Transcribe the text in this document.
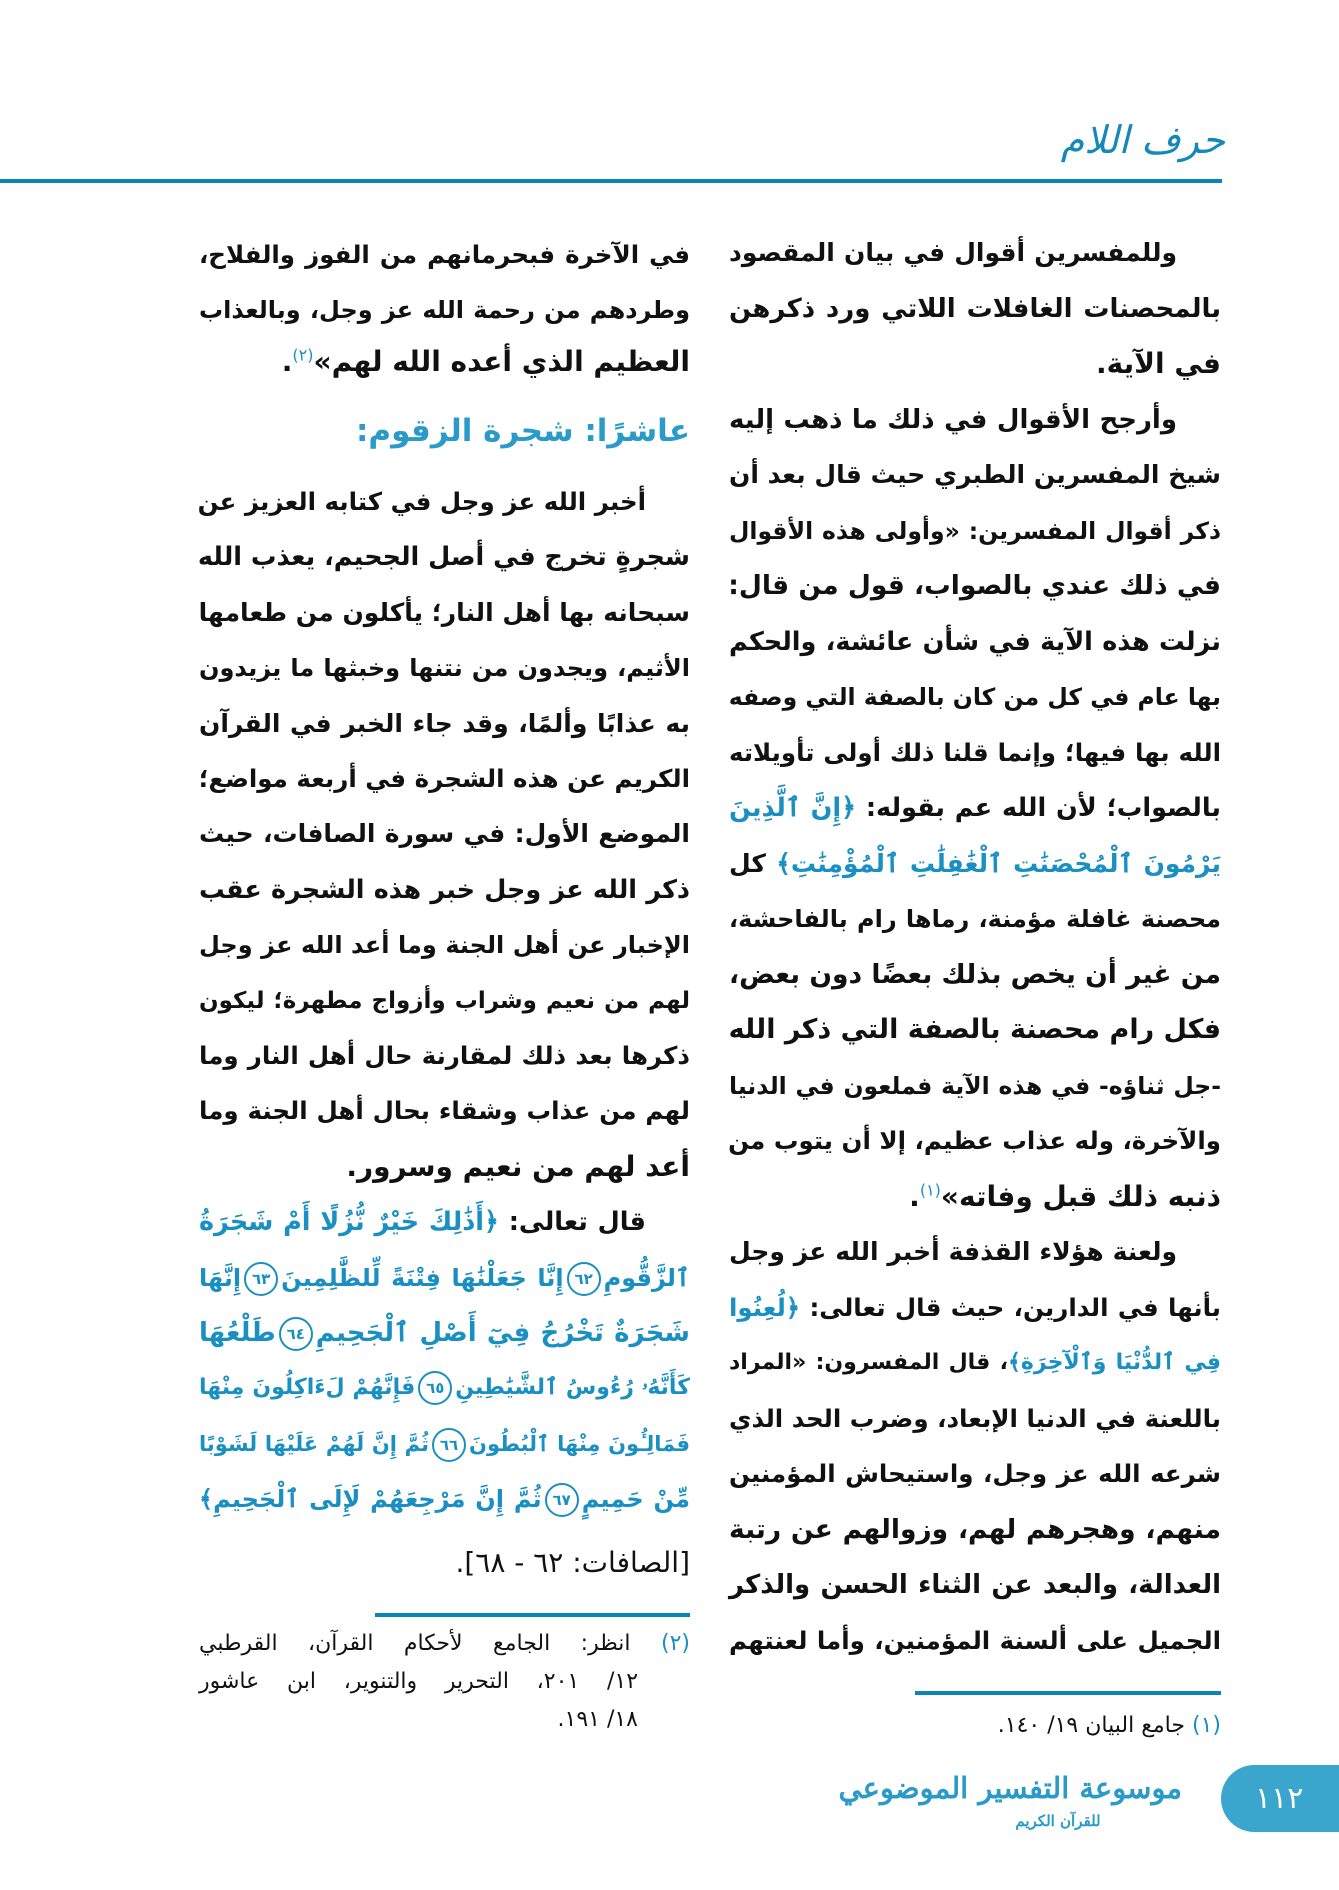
حرف اللام
وللمفسرين أقوال في بيان المقصود
بالمحصنات الغافلات اللاتي ورد ذكرهن
في الآية.
وأرجح الأقوال في ذلك ما ذهب إليه
شيخ المفسرين الطبري حيث قال بعد أن
ذكر أقوال المفسرين: «وأولى هذه الأقوال
في ذلك عندي بالصواب، قول من قال:
نزلت هذه الآية في شأن عائشة، والحكم
بها عام في كل من كان بالصفة التي وصفه
الله بها فيها؛ وإنما قلنا ذلك أولى تأويلاته
بالصواب؛ لأن الله عم بقوله: ﴿إِنَّ ٱلَّذِينَ
يَرْمُونَ ٱلْمُحْصَنَٰتِ ٱلْغَٰفِلَٰتِ ٱلْمُؤْمِنَٰتِ﴾ كل
محصنة غافلة مؤمنة، رماها رام بالفاحشة،
من غير أن يخص بذلك بعضًا دون بعض،
فكل رام محصنة بالصفة التي ذكر الله
-جل ثناؤه- في هذه الآية فملعون في الدنيا
والآخرة، وله عذاب عظيم، إلا أن يتوب من
ذنبه ذلك قبل وفاته»$^{(١)}$.
ولعنة هؤلاء القذفة أخبر الله عز وجل
بأنها في الدارين، حيث قال تعالى: ﴿لُعِنُوا
فِي ٱلدُّنْيَا وَٱلْآخِرَةِ﴾، قال المفسرون: «المراد
باللعنة في الدنيا الإبعاد، وضرب الحد الذي
شرعه الله عز وجل، واستيحاش المؤمنين
منهم، وهجرهم لهم، وزوالهم عن رتبة
العدالة، والبعد عن الثناء الحسن والذكر
الجميل على ألسنة المؤمنين، وأما لعنتهم
عاشرًا: شجرة الزقوم:
في الآخرة فبحرمانهم من الفوز والفلاح،
وطردهم من رحمة الله عز وجل، وبالعذاب
العظيم الذي أعده الله لهم»$^{(٢)}$.
أخبر الله عز وجل في كتابه العزيز عن
شجرةٍ تخرج في أصل الجحيم، يعذب الله
سبحانه بها أهل النار؛ يأكلون من طعامها
الأثيم، ويجدون من نتنها وخبثها ما يزيدون
به عذابًا وألمًا، وقد جاء الخبر في القرآن
الكريم عن هذه الشجرة في أربعة مواضع؛
الموضع الأول: في سورة الصافات، حيث
ذكر الله عز وجل خبر هذه الشجرة عقب
الإخبار عن أهل الجنة وما أعد الله عز وجل
لهم من نعيم وشراب وأزواج مطهرة؛ ليكون
ذكرها بعد ذلك لمقارنة حال أهل النار وما
لهم من عذاب وشقاء بحال أهل الجنة وما
أعد لهم من نعيم وسرور.
قال تعالى: ﴿أَذَٰلِكَ خَيْرٌ نُّزُلًا أَمْ شَجَرَةُ
ٱلزَّقُّومِ٦٢إِنَّا جَعَلْنَٰهَا فِتْنَةً لِّلظَّٰلِمِينَ٦٣إِنَّهَا
شَجَرَةٌ تَخْرُجُ فِيٓ أَصْلِ ٱلْجَحِيمِ٦٤طَلْعُهَا
كَأَنَّهُۥ رُءُوسُ ٱلشَّيَٰطِينِ٦٥فَإِنَّهُمْ لَءَاكِلُونَ مِنْهَا
فَمَالِـُٔونَ مِنْهَا ٱلْبُطُونَ٦٦ثُمَّ إِنَّ لَهُمْ عَلَيْهَا لَشَوْبًا
مِّنْ حَمِيمٍ٦٧ثُمَّ إِنَّ مَرْجِعَهُمْ لَإِلَى ٱلْجَحِيمِ﴾
[الصافات: ٦٢ - ٦٨].
(١) جامع البيان ١٩/ ١٤٠.
(٢) انظر: الجامع لأحكام القرآن، القرطبي
١٢/ ٢٠١، التحرير والتنوير، ابن عاشور
١٨/ ١٩١.
موسوعة التفسير الموضوعي
للقرآن الكريم
١١٢
